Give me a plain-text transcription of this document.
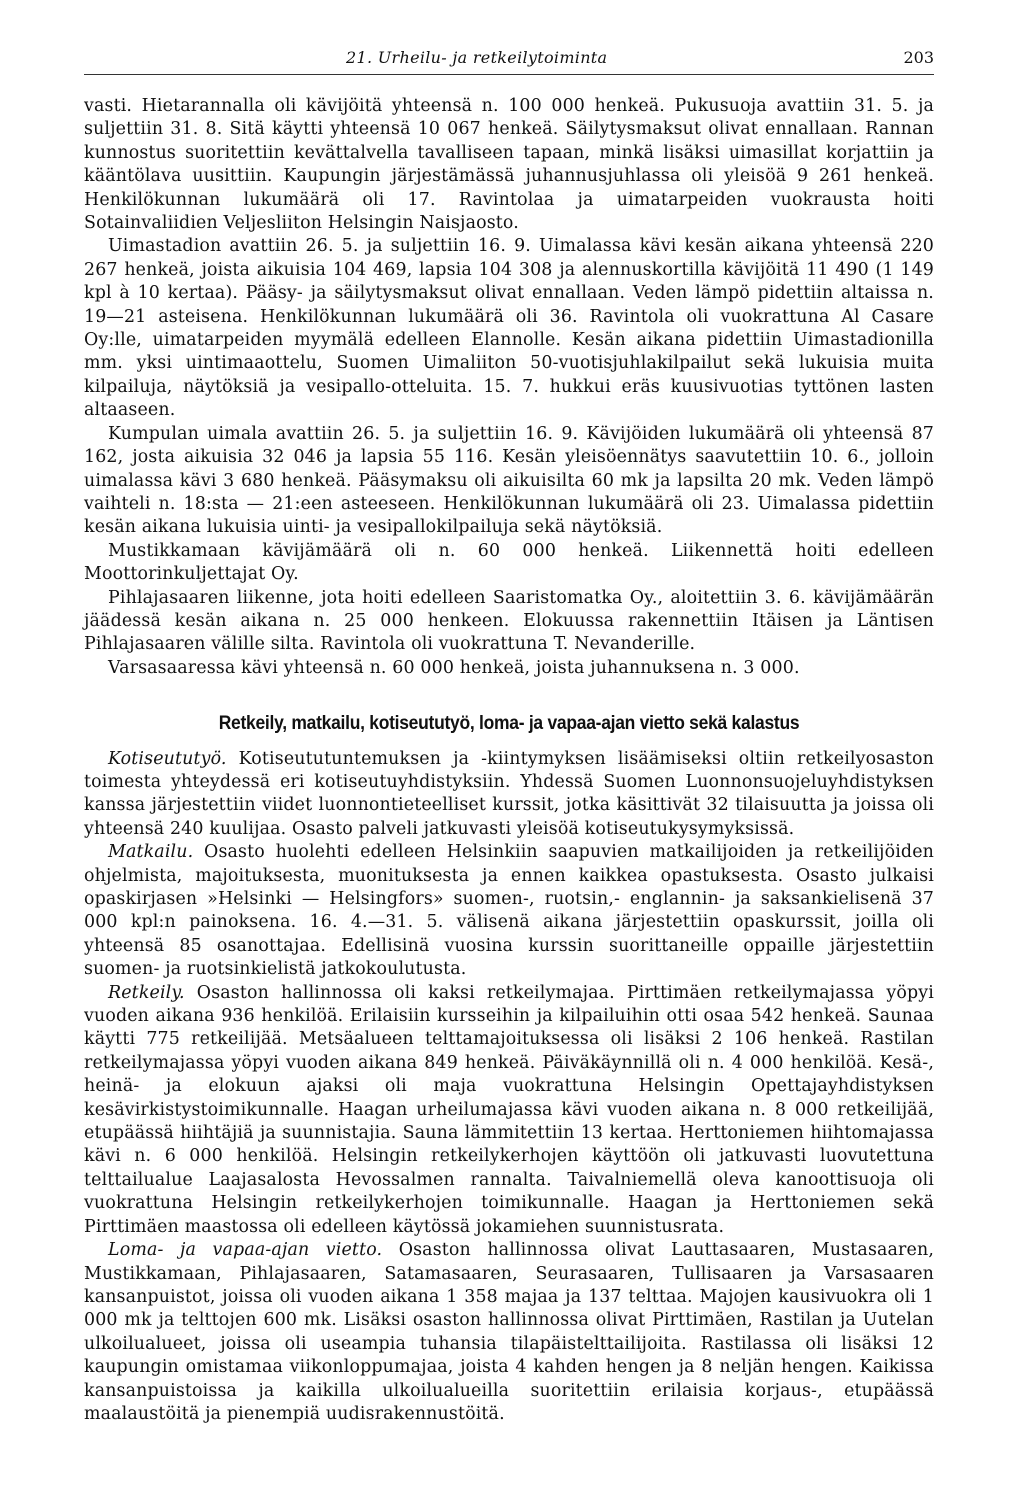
21. Urheilu- ja retkeilytoiminta	203

vasti. Hietarannalla oli kävijöitä yhteensä n. 100 000 henkeä. Pukusuoja avattiin 31. 5. ja suljettiin 31. 8. Sitä käytti yhteensä 10 067 henkeä. Säilytysmaksut olivat ennallaan. Rannan kunnostus suoritettiin kevättalvella tavalliseen tapaan, minkä lisäksi uimasillat korjattiin ja kääntölava uusittiin. Kaupungin järjestämässä juhannusjuhlassa oli yleisöä 9 261 henkeä. Henkilökunnan lukumäärä oli 17. Ravintolaa ja uimatarpeiden vuokrausta hoiti Sotainvaliidien Veljesliiton Helsingin Naisjaosto.

Uimastadion avattiin 26. 5. ja suljettiin 16. 9. Uimalassa kävi kesän aikana yhteensä 220 267 henkeä, joista aikuisia 104 469, lapsia 104 308 ja alennuskortilla kävijöitä 11 490 (1 149 kpl à 10 kertaa). Pääsy- ja säilytysmaksut olivat ennallaan. Veden lämpö pidettiin altaissa n. 19—21 asteisena. Henkilökunnan lukumäärä oli 36. Ravintola oli vuokrattuna Al Casare Oy:lle, uimatarpeiden myymälä edelleen Elannolle. Kesän aikana pidettiin Uimastadionilla mm. yksi uintimaaottelu, Suomen Uimaliiton 50-vuotisjuhlakilpailut sekä lukuisia muita kilpailuja, näytöksiä ja vesipallo-otteluita. 15. 7. hukkui eräs kuusivuotias tyttönen lasten altaaseen.

Kumpulan uimala avattiin 26. 5. ja suljettiin 16. 9. Kävijöiden lukumäärä oli yhteensä 87 162, josta aikuisia 32 046 ja lapsia 55 116. Kesän yleisöennätys saavutettiin 10. 6., jolloin uimalassa kävi 3 680 henkeä. Pääsymaksu oli aikuisilta 60 mk ja lapsilta 20 mk. Veden lämpö vaihteli n. 18:sta — 21:een asteeseen. Henkilökunnan lukumäärä oli 23. Uimalassa pidettiin kesän aikana lukuisia uinti- ja vesipallokilpailuja sekä näytöksiä.

Mustikkamaan kävijämäärä oli n. 60 000 henkeä. Liikennettä hoiti edelleen Moottorinkuljettajat Oy.

Pihlajasaaren liikenne, jota hoiti edelleen Saaristomatka Oy., aloitettiin 3. 6. kävijämäärän jäädessä kesän aikana n. 25 000 henkeen. Elokuussa rakennettiin Itäisen ja Läntisen Pihlajasaaren välille silta. Ravintola oli vuokrattuna T. Nevanderille.

Varsasaaressa kävi yhteensä n. 60 000 henkeä, joista juhannuksena n. 3 000.

Retkeily, matkailu, kotiseututyö, loma- ja vapaa-ajan vietto sekä kalastus

Kotiseututyö. Kotiseututuntemuksen ja -kiintymyksen lisäämiseksi oltiin retkeilyosaston toimesta yhteydessä eri kotiseutuyhdistyksiin. Yhdessä Suomen Luonnonsuojeluyhdistyksen kanssa järjestettiin viidet luonnontieteelliset kurssit, jotka käsittivät 32 tilaisuutta ja joissa oli yhteensä 240 kuulijaa. Osasto palveli jatkuvasti yleisöä kotiseutukysymyksissä.

Matkailu. Osasto huolehti edelleen Helsinkiin saapuvien matkailijoiden ja retkeilijöiden ohjelmista, majoituksesta, muonituksesta ja ennen kaikkea opastuksesta. Osasto julkaisi opaskirjasen »Helsinki — Helsingfors» suomen-, ruotsin,- englannin- ja saksankielisenä 37 000 kpl:n painoksena. 16. 4.—31. 5. välisenä aikana järjestettiin opaskurssit, joilla oli yhteensä 85 osanottajaa. Edellisinä vuosina kurssin suorittaneille oppaille järjestettiin suomen- ja ruotsinkielistä jatkokoulutusta.

Retkeily. Osaston hallinnossa oli kaksi retkeilymajaa. Pirttimäen retkeilymajassa yöpyi vuoden aikana 936 henkilöä. Erilaisiin kursseihin ja kilpailuihin otti osaa 542 henkeä. Saunaa käytti 775 retkeilijää. Metsäalueen telttamajoituksessa oli lisäksi 2 106 henkeä. Rastilan retkeilymajassa yöpyi vuoden aikana 849 henkeä. Päiväkäynnillä oli n. 4 000 henkilöä. Kesä-, heinä- ja elokuun ajaksi oli maja vuokrattuna Helsingin Opettajayhdistyksen kesävirkistystoimikunnalle. Haagan urheilumajassa kävi vuoden aikana n. 8 000 retkeilijää, etupäässä hiihtäjiä ja suunnistajia. Sauna lämmitettiin 13 kertaa. Herttoniemen hiihtomajassa kävi n. 6 000 henkilöä. Helsingin retkeilykerhojen käyttöön oli jatkuvasti luovutettuna telttailualue Laajasalosta Hevossalmen rannalta. Taivalniemellä oleva kanoottisuoja oli vuokrattuna Helsingin retkeilykerhojen toimikunnalle. Haagan ja Herttoniemen sekä Pirttimäen maastossa oli edelleen käytössä jokamiehen suunnistusrata.

Loma- ja vapaa-ajan vietto. Osaston hallinnossa olivat Lauttasaaren, Mustasaaren, Mustikkamaan, Pihlajasaaren, Satamasaaren, Seurasaaren, Tullisaaren ja Varsasaaren kansanpuistot, joissa oli vuoden aikana 1 358 majaa ja 137 telttaa. Majojen kausivuokra oli 1 000 mk ja telttojen 600 mk. Lisäksi osaston hallinnossa olivat Pirttimäen, Rastilan ja Uutelan ulkoilualueet, joissa oli useampia tuhansia tilapäistelttailijoita. Rastilassa oli lisäksi 12 kaupungin omistamaa viikonloppumajaa, joista 4 kahden hengen ja 8 neljän hengen. Kaikissa kansanpuistoissa ja kaikilla ulkoilualueilla suoritettiin erilaisia korjaus-, etupäässä maalaustöitä ja pienempiä uudisrakennustöitä.
